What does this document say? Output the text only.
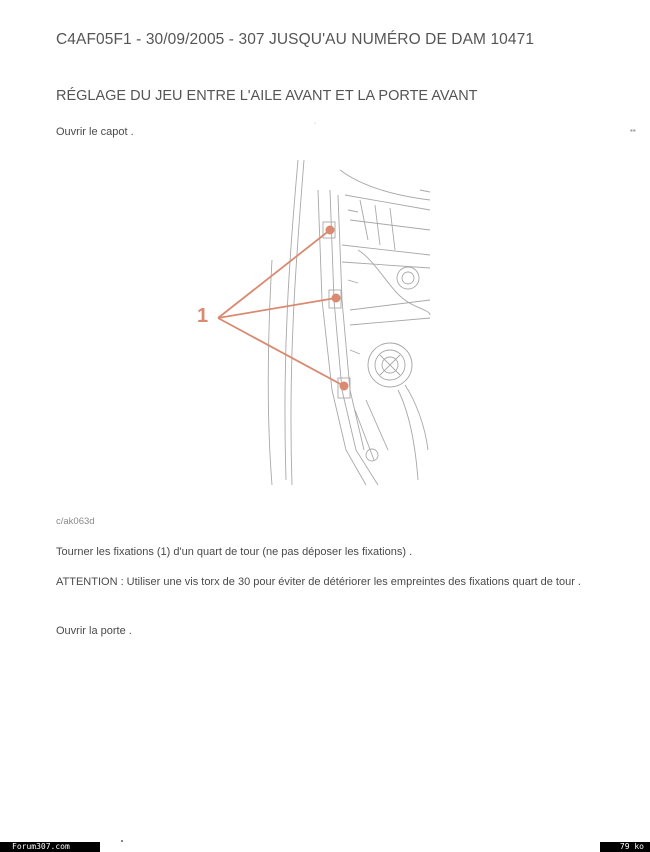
C4AF05F1 - 30/09/2005 - 307 JUSQU'AU NUMÉRO DE DAM 10471
RÉGLAGE DU JEU ENTRE L'AILE AVANT ET LA PORTE AVANT
Ouvrir le capot .	´	▪▪
1
c/ak063d
Tourner les fixations (1) d'un quart de tour (ne pas déposer les fixations) .
ATTENTION : Utiliser une vis torx de 30 pour éviter de détériorer les empreintes des fixations quart de tour .
Ouvrir la porte .
Forum307.com	79 ko
